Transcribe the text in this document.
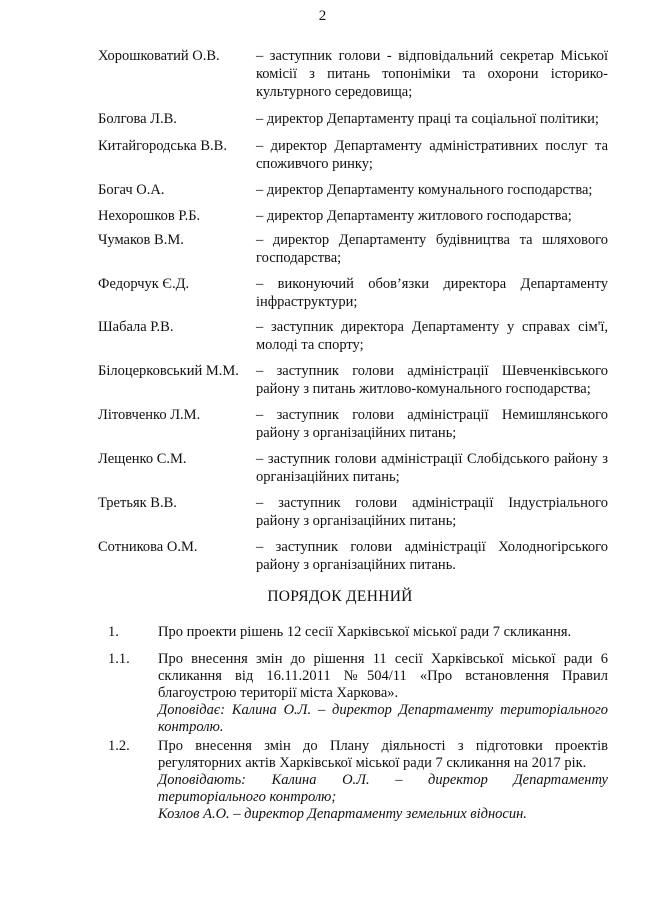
2
Хорошковатий О.В.	– заступник голови - відповідальний секретар Міської комісії з питань топоніміки та охорони історико-культурного середовища;
Болгова Л.В.	– директор Департаменту праці та соціальної політики;
Китайгородська В.В.	– директор Департаменту адміністративних послуг та споживчого ринку;
Богач О.А.	– директор Департаменту комунального господарства;
Нехорошков Р.Б.	– директор Департаменту житлового господарства;
Чумаков В.М.	– директор Департаменту будівництва та шляхового господарства;
Федорчук Є.Д.	– виконуючий обов’язки директора Департаменту інфраструктури;
Шабала Р.В.	– заступник директора Департаменту у справах сім'ї, молоді та спорту;
Білоцерковський М.М.	– заступник голови адміністрації Шевченківського району з питань житлово-комунального господарства;
Літовченко Л.М.	– заступник голови адміністрації Немишлянського району з організаційних питань;
Лещенко С.М.	– заступник голови адміністрації Слобідського району з організаційних питань;
Третьяк В.В.	– заступник голови адміністрації Індустріального району з організаційних питань;
Сотникова О.М.	– заступник голови адміністрації Холодногірського району з організаційних питань.
ПОРЯДОК ДЕННИЙ
1.	Про проекти рішень 12 сесії Харківської міської ради 7 скликання.
1.1.	Про внесення змін до рішення 11 сесії Харківської міської ради 6 скликання від 16.11.2011 №504/11 «Про встановлення Правил благоустрою території міста Харкова».
Доповідає: Калина О.Л. – директор Департаменту територіального контролю.
1.2.	Про внесення змін до Плану діяльності з підготовки проектів регуляторних актів Харківської міської ради 7 скликання на 2017 рік.
Доповідають: Калина О.Л. – директор Департаменту територіального контролю;
Козлов А.О. – директор Департаменту земельних відносин.
